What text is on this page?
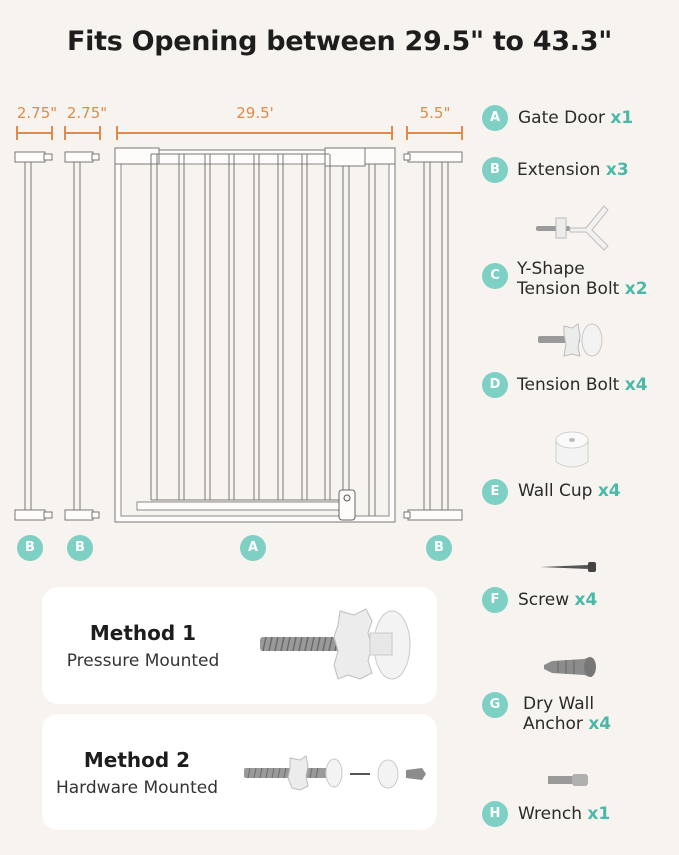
Fits Opening between 29.5" to 43.3"
2.75" 2.75"	29.5'	5.5"
B	B	A	B
Method 1
Pressure Mounted
Method 2
Hardware Mounted
A	Gate Door x1
B	Extension x3
C	Y-Shape
Tension Bolt x2
D Tension Bolt x4
E	Wall Cup x4
F	Screw x4
G	Dry Wall
Anchor x4
H	Wrench x1
